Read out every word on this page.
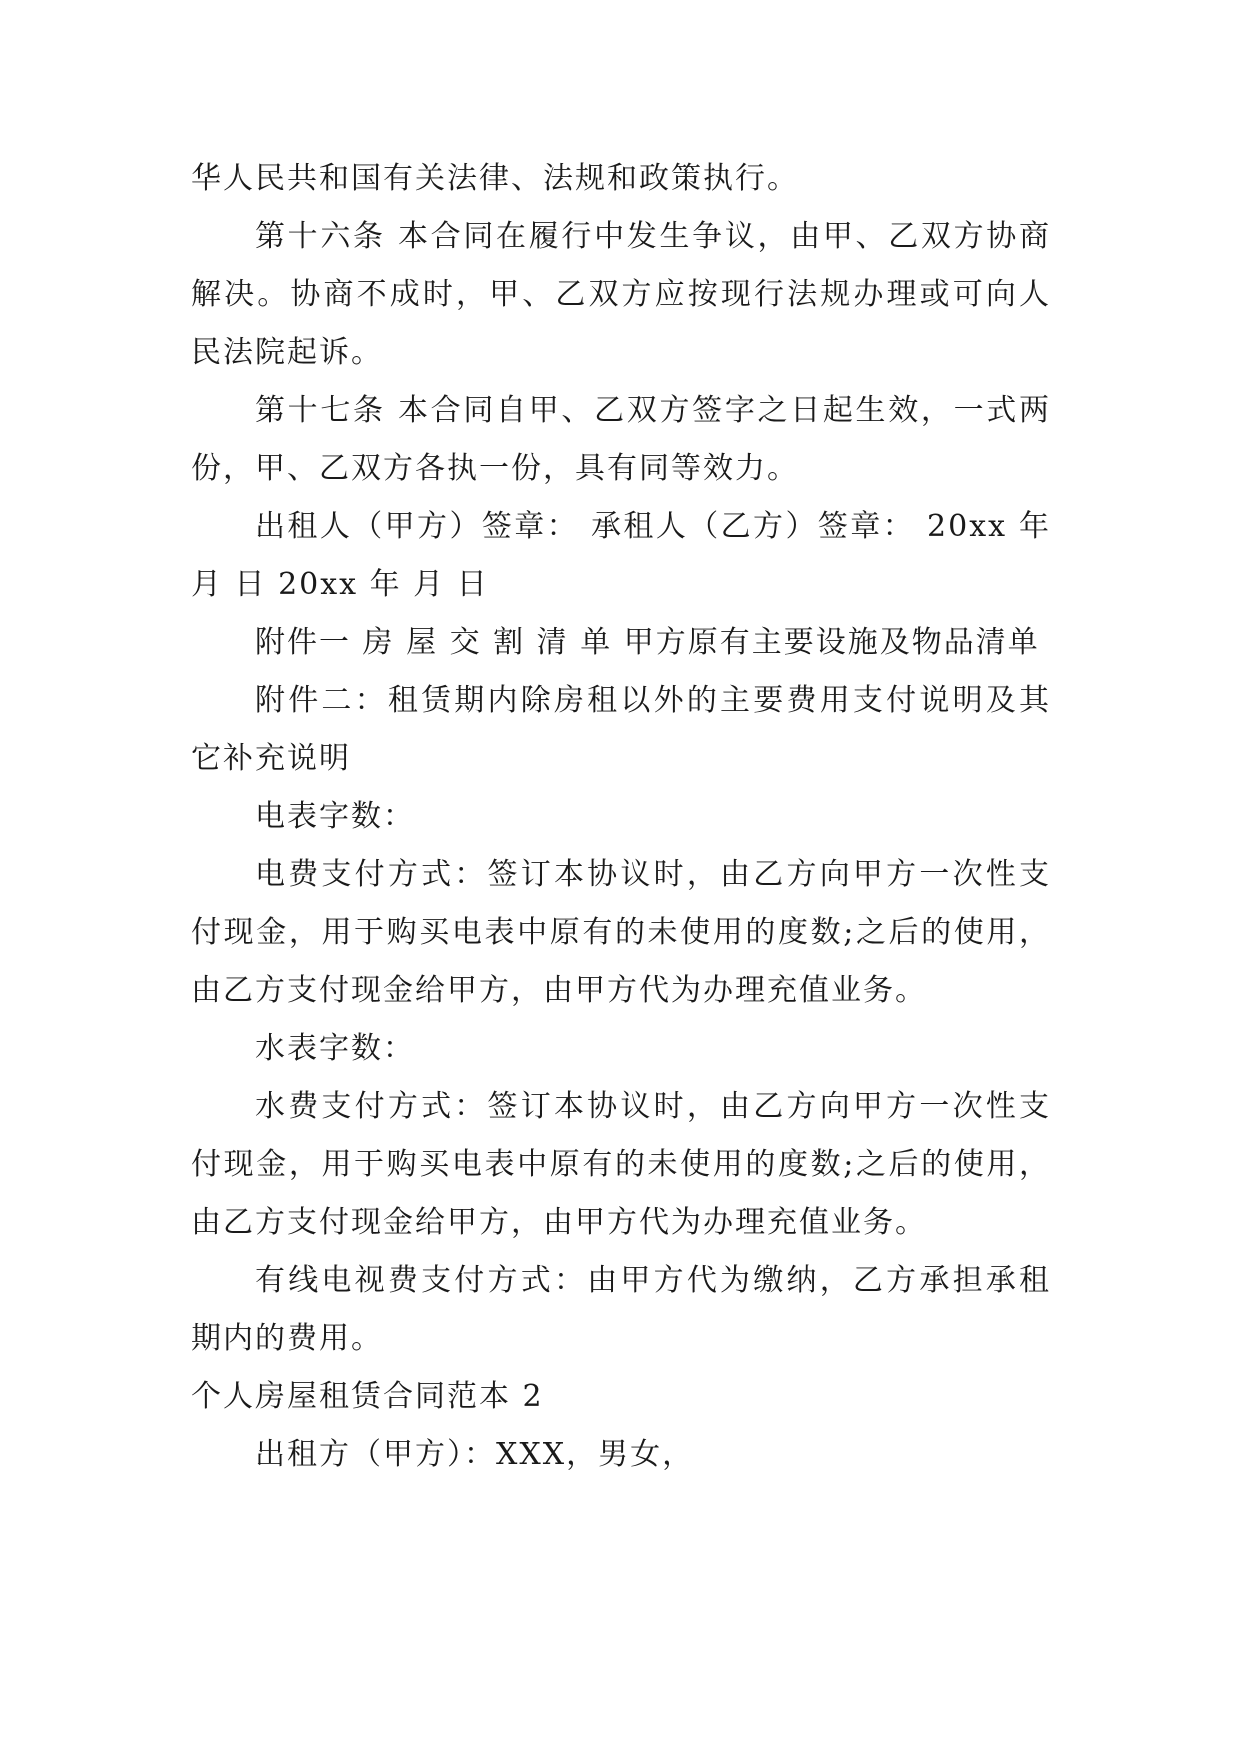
华人民共和国有关法律、法规和政策执行。

第十六条 本合同在履行中发生争议，由甲、乙双方协商解决。协商不成时，甲、乙双方应按现行法规办理或可向人民法院起诉。

第十七条 本合同自甲、乙双方签字之日起生效，一式两份，甲、乙双方各执一份，具有同等效力。

出租人（甲方）签章： 承租人（乙方）签章： 20xx 年 月 日 20xx 年 月 日

附件一 房 屋 交 割 清 单 甲方原有主要设施及物品清单

附件二：租赁期内除房租以外的主要费用支付说明及其它补充说明

电表字数：

电费支付方式：签订本协议时，由乙方向甲方一次性支付现金，用于购买电表中原有的未使用的度数;之后的使用，由乙方支付现金给甲方，由甲方代为办理充值业务。

水表字数：

水费支付方式：签订本协议时，由乙方向甲方一次性支付现金，用于购买电表中原有的未使用的度数;之后的使用，由乙方支付现金给甲方，由甲方代为办理充值业务。

有线电视费支付方式：由甲方代为缴纳，乙方承担承租期内的费用。

个人房屋租赁合同范本 2

出租方（甲方）：XXX，男女，
